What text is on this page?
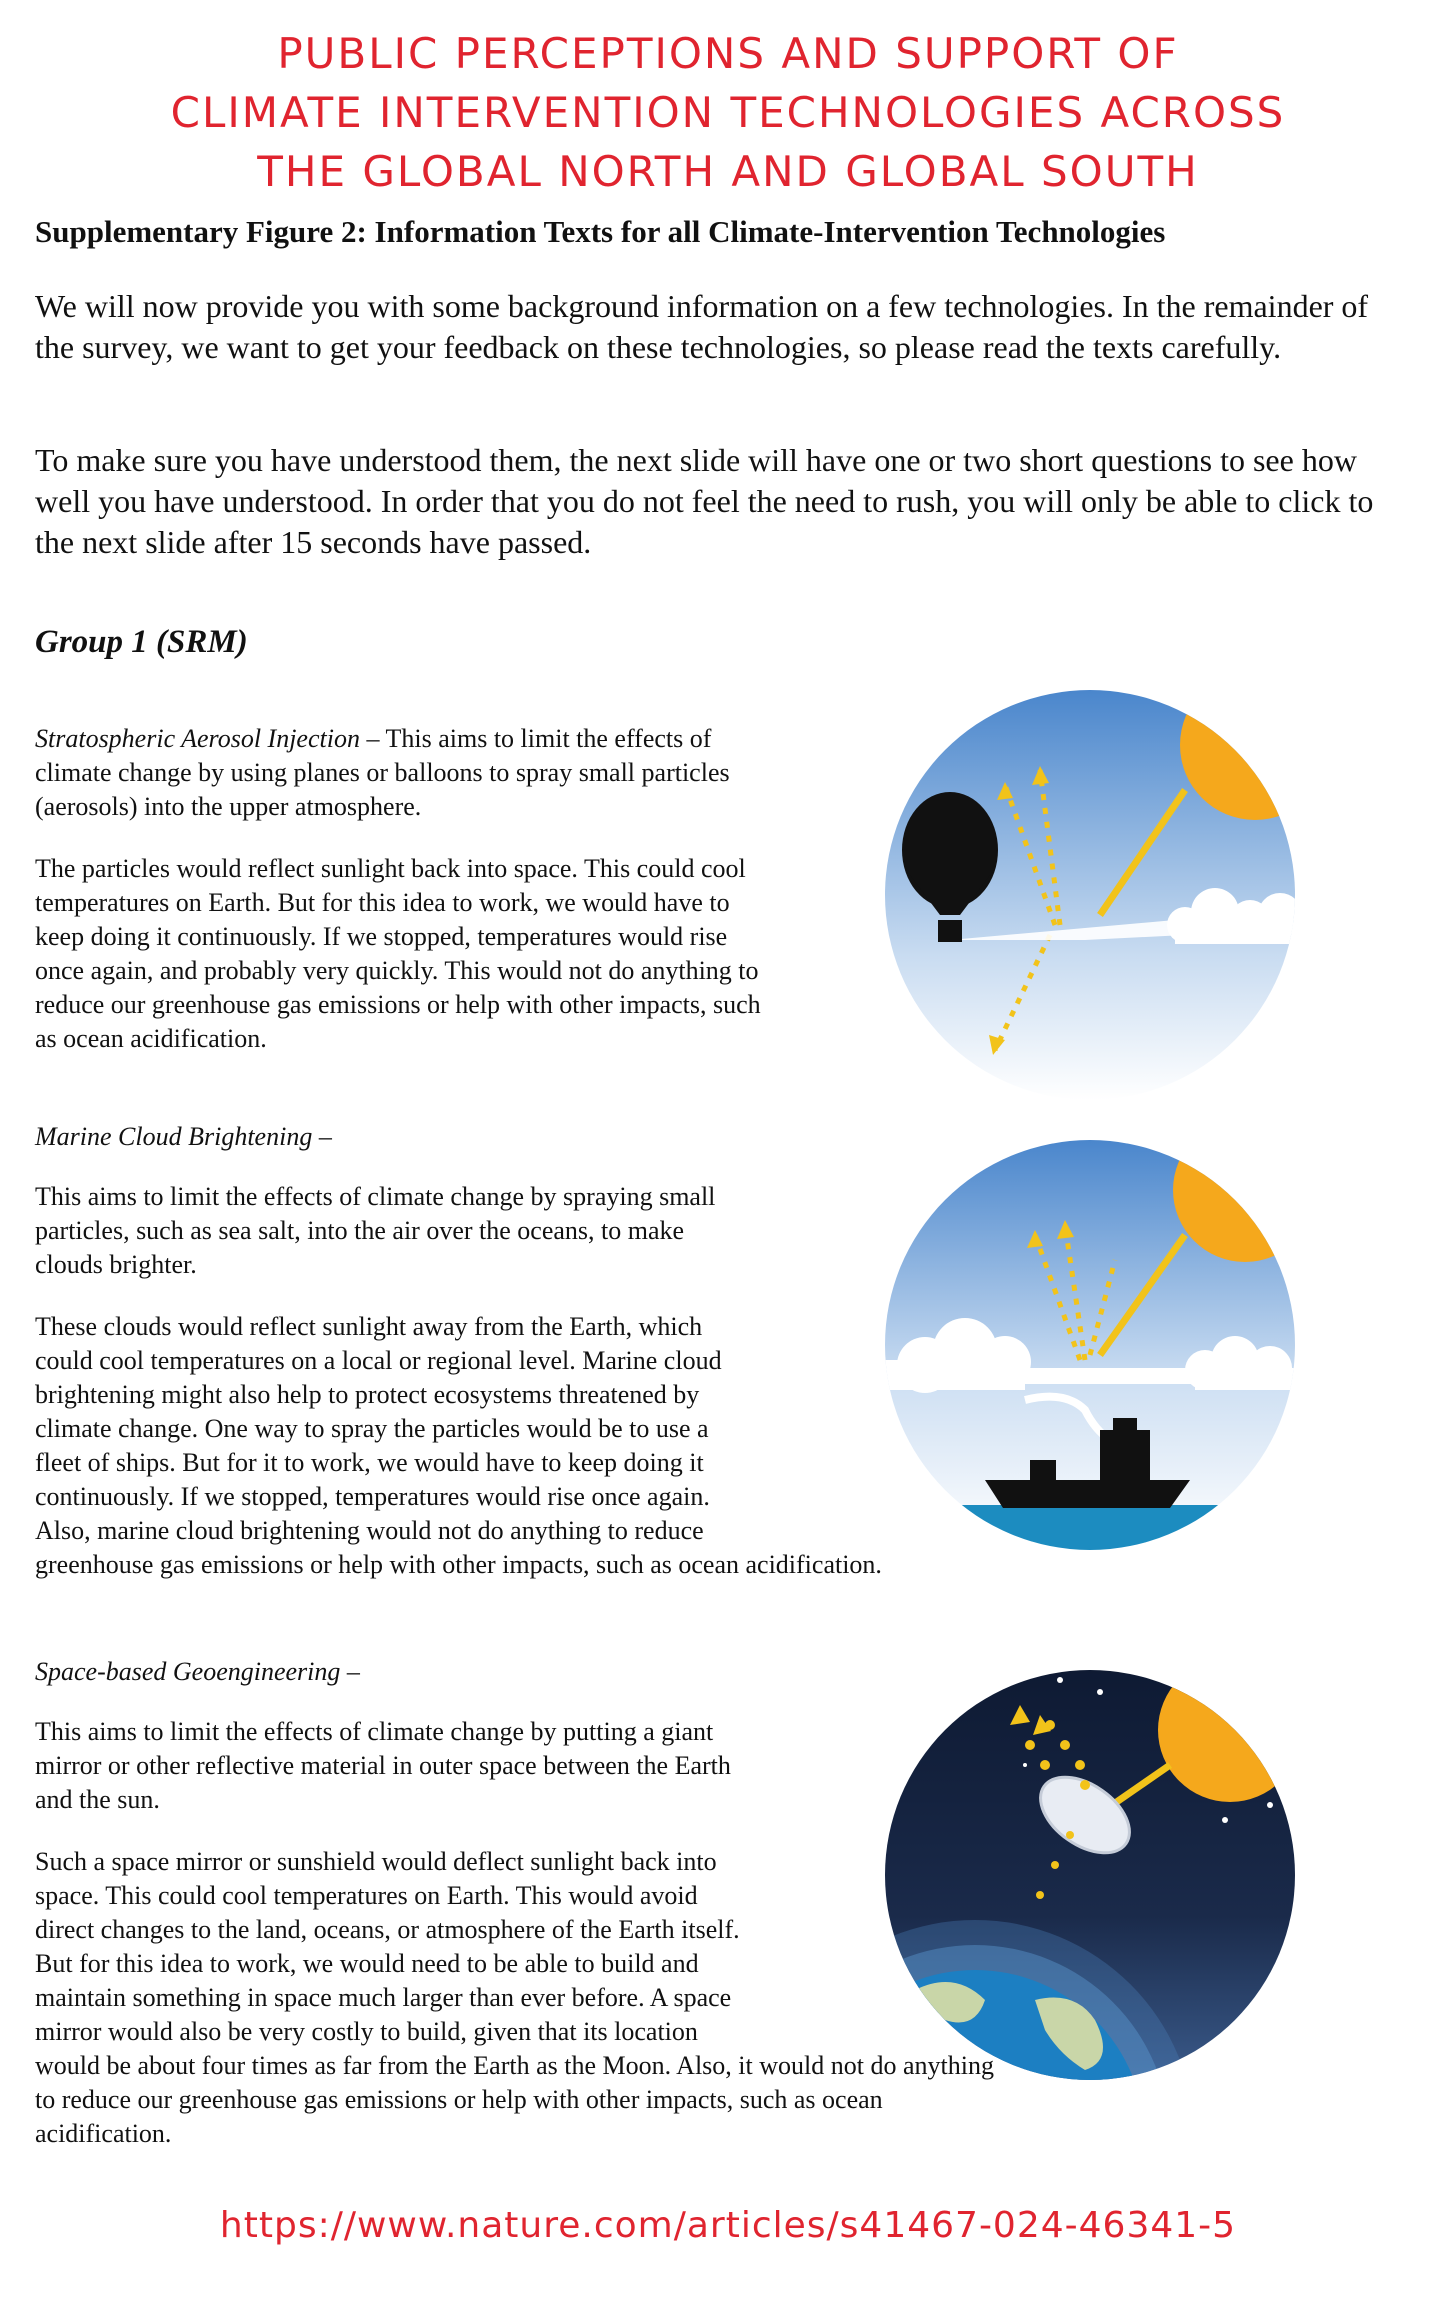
PUBLIC PERCEPTIONS AND SUPPORT OF
CLIMATE INTERVENTION TECHNOLOGIES ACROSS
THE GLOBAL NORTH AND GLOBAL SOUTH
Supplementary Figure 2: Information Texts for all Climate-Intervention Technologies

We will now provide you with some background information on a few technologies. In the remainder of the survey, we want to get your feedback on these technologies, so please read the texts carefully.

To make sure you have understood them, the next slide will have one or two short questions to see how well you have understood. In order that you do not feel the need to rush, you will only be able to click to the next slide after 15 seconds have passed.

Group 1 (SRM)
Stratospheric Aerosol Injection – This aims to limit the effects of
climate change by using planes or balloons to spray small particles
(aerosols) into the upper atmosphere.
The particles would reflect sunlight back into space. This could cool
temperatures on Earth. But for this idea to work, we would have to
keep doing it continuously. If we stopped, temperatures would rise
once again, and probably very quickly. This would not do anything to
reduce our greenhouse gas emissions or help with other impacts, such
as ocean acidification.
Marine Cloud Brightening –
This aims to limit the effects of climate change by spraying small
particles, such as sea salt, into the air over the oceans, to make
clouds brighter.
These clouds would reflect sunlight away from the Earth, which
could cool temperatures on a local or regional level. Marine cloud
brightening might also help to protect ecosystems threatened by
climate change. One way to spray the particles would be to use a
fleet of ships. But for it to work, we would have to keep doing it
continuously. If we stopped, temperatures would rise once again.
Also, marine cloud brightening would not do anything to reduce
greenhouse gas emissions or help with other impacts, such as ocean acidification.
Space-based Geoengineering –
This aims to limit the effects of climate change by putting a giant
mirror or other reflective material in outer space between the Earth
and the sun.
Such a space mirror or sunshield would deflect sunlight back into
space. This could cool temperatures on Earth. This would avoid
direct changes to the land, oceans, or atmosphere of the Earth itself.
But for this idea to work, we would need to be able to build and
maintain something in space much larger than ever before. A space
mirror would also be very costly to build, given that its location
would be about four times as far from the Earth as the Moon. Also, it would not do anything
to reduce our greenhouse gas emissions or help with other impacts, such as ocean
acidification.
https://www.nature.com/articles/s41467-024-46341-5
